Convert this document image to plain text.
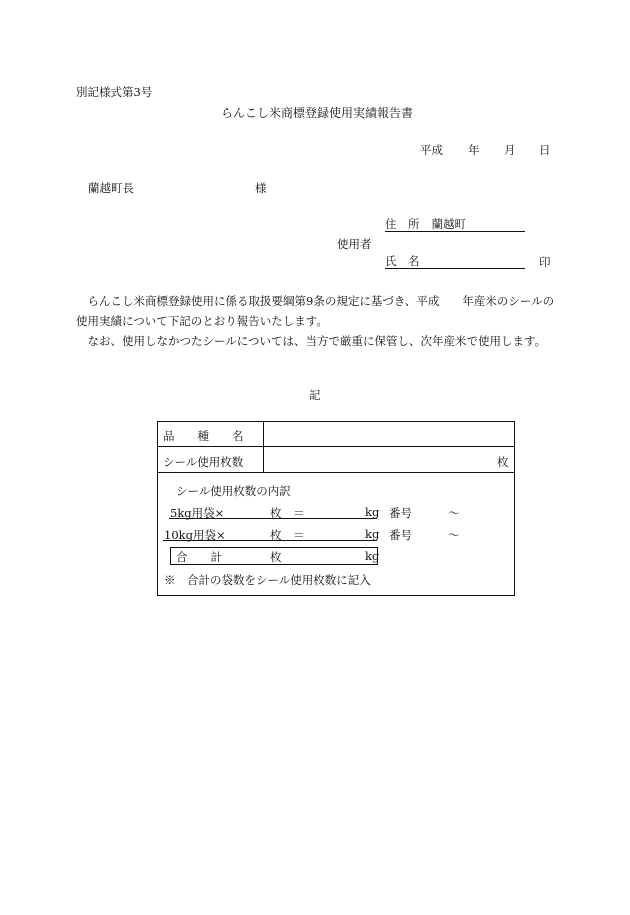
別記様式第3号
らんこし米商標登録使用実績報告書
平成 年 月 日
蘭越町長	様
住　所 蘭越町
使用者
氏　名	印
　らんこし米商標登録使用に係る取扱要綱第9条の規定に基づき、平成　　年産米のシールの使用実績について下記のとおり報告いたします。
　なお、使用しなかつたシールについては、当方で厳重に保管し、次年産米で使用します。
記
品　　種　　名
シール使用枚数	枚
シール使用枚数の内訳
5kg用袋×	枚　＝	kg 番号	～
10kg用袋×	枚　＝	kg 番号	～
合　　計	枚	kg
※　合計の袋数をシール使用枚数に記入
